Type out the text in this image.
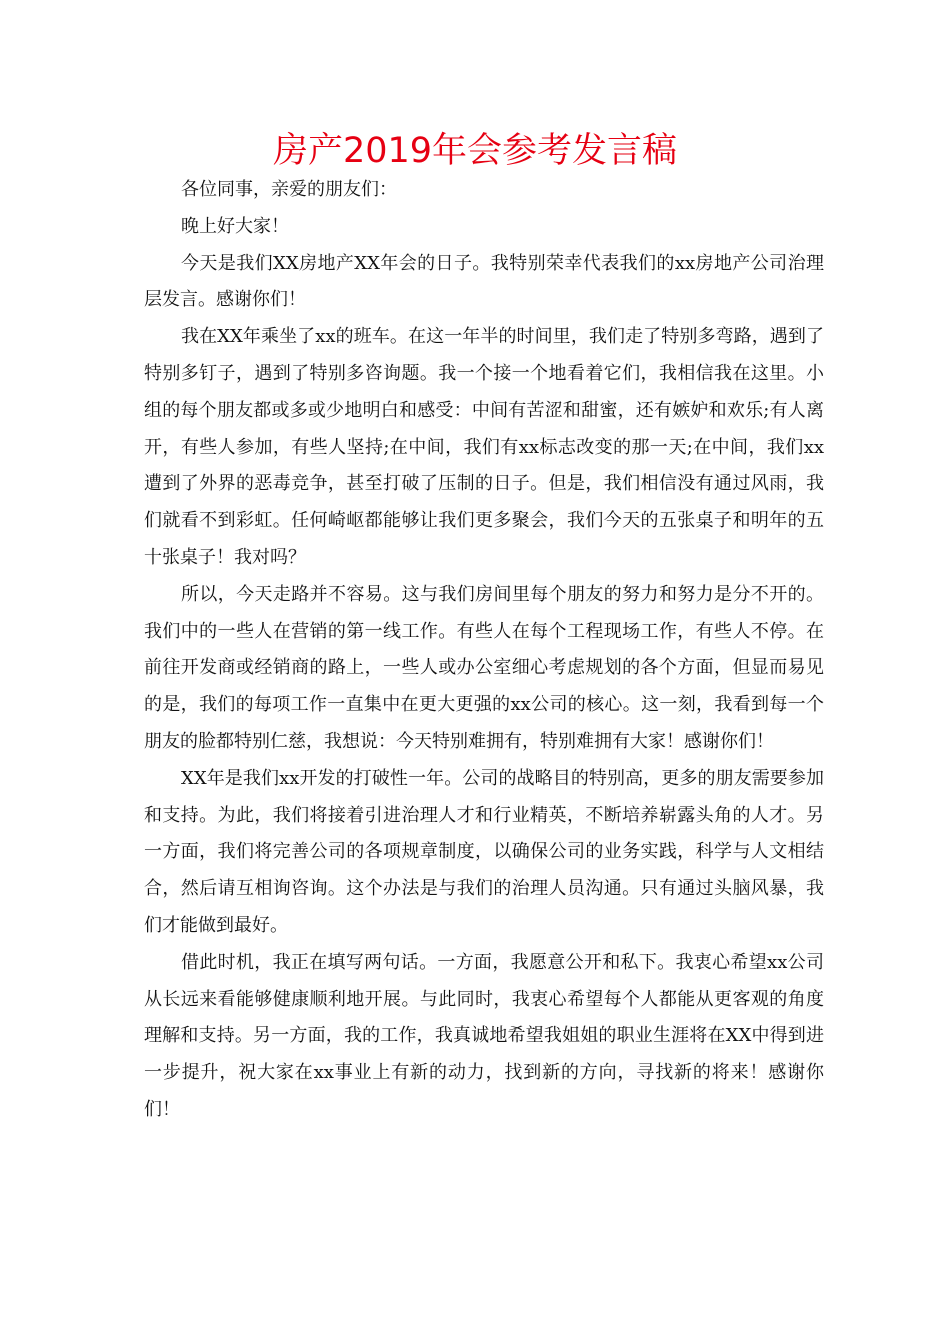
房产2019年会参考发言稿

各位同事，亲爱的朋友们：

晚上好大家！

今天是我们XX房地产XX年会的日子。我特别荣幸代表我们的xx房地产公司治理层发言。感谢你们！

我在XX年乘坐了xx的班车。在这一年半的时间里，我们走了特别多弯路，遇到了特别多钉子，遇到了特别多咨询题。我一个接一个地看着它们，我相信我在这里。小组的每个朋友都或多或少地明白和感受：中间有苦涩和甜蜜，还有嫉妒和欢乐;有人离开，有些人参加，有些人坚持;在中间，我们有xx标志改变的那一天;在中间，我们xx遭到了外界的恶毒竞争，甚至打破了压制的日子。但是，我们相信没有通过风雨，我们就看不到彩虹。任何崎岖都能够让我们更多聚会，我们今天的五张桌子和明年的五十张桌子！我对吗？

所以，今天走路并不容易。这与我们房间里每个朋友的努力和努力是分不开的。我们中的一些人在营销的第一线工作。有些人在每个工程现场工作，有些人不停。在前往开发商或经销商的路上，一些人或办公室细心考虑规划的各个方面，但显而易见的是，我们的每项工作一直集中在更大更强的xx公司的核心。这一刻，我看到每一个朋友的脸都特别仁慈，我想说：今天特别难拥有，特别难拥有大家！感谢你们！

XX年是我们xx开发的打破性一年。公司的战略目的特别高，更多的朋友需要参加和支持。为此，我们将接着引进治理人才和行业精英，不断培养崭露头角的人才。另一方面，我们将完善公司的各项规章制度，以确保公司的业务实践，科学与人文相结合，然后请互相询咨询。这个办法是与我们的治理人员沟通。只有通过头脑风暴，我们才能做到最好。

借此时机，我正在填写两句话。一方面，我愿意公开和私下。我衷心希望xx公司从长远来看能够健康顺利地开展。与此同时，我衷心希望每个人都能从更客观的角度理解和支持。另一方面，我的工作，我真诚地希望我姐姐的职业生涯将在XX中得到进一步提升，祝大家在xx事业上有新的动力，找到新的方向，寻找新的将来！感谢你们！
